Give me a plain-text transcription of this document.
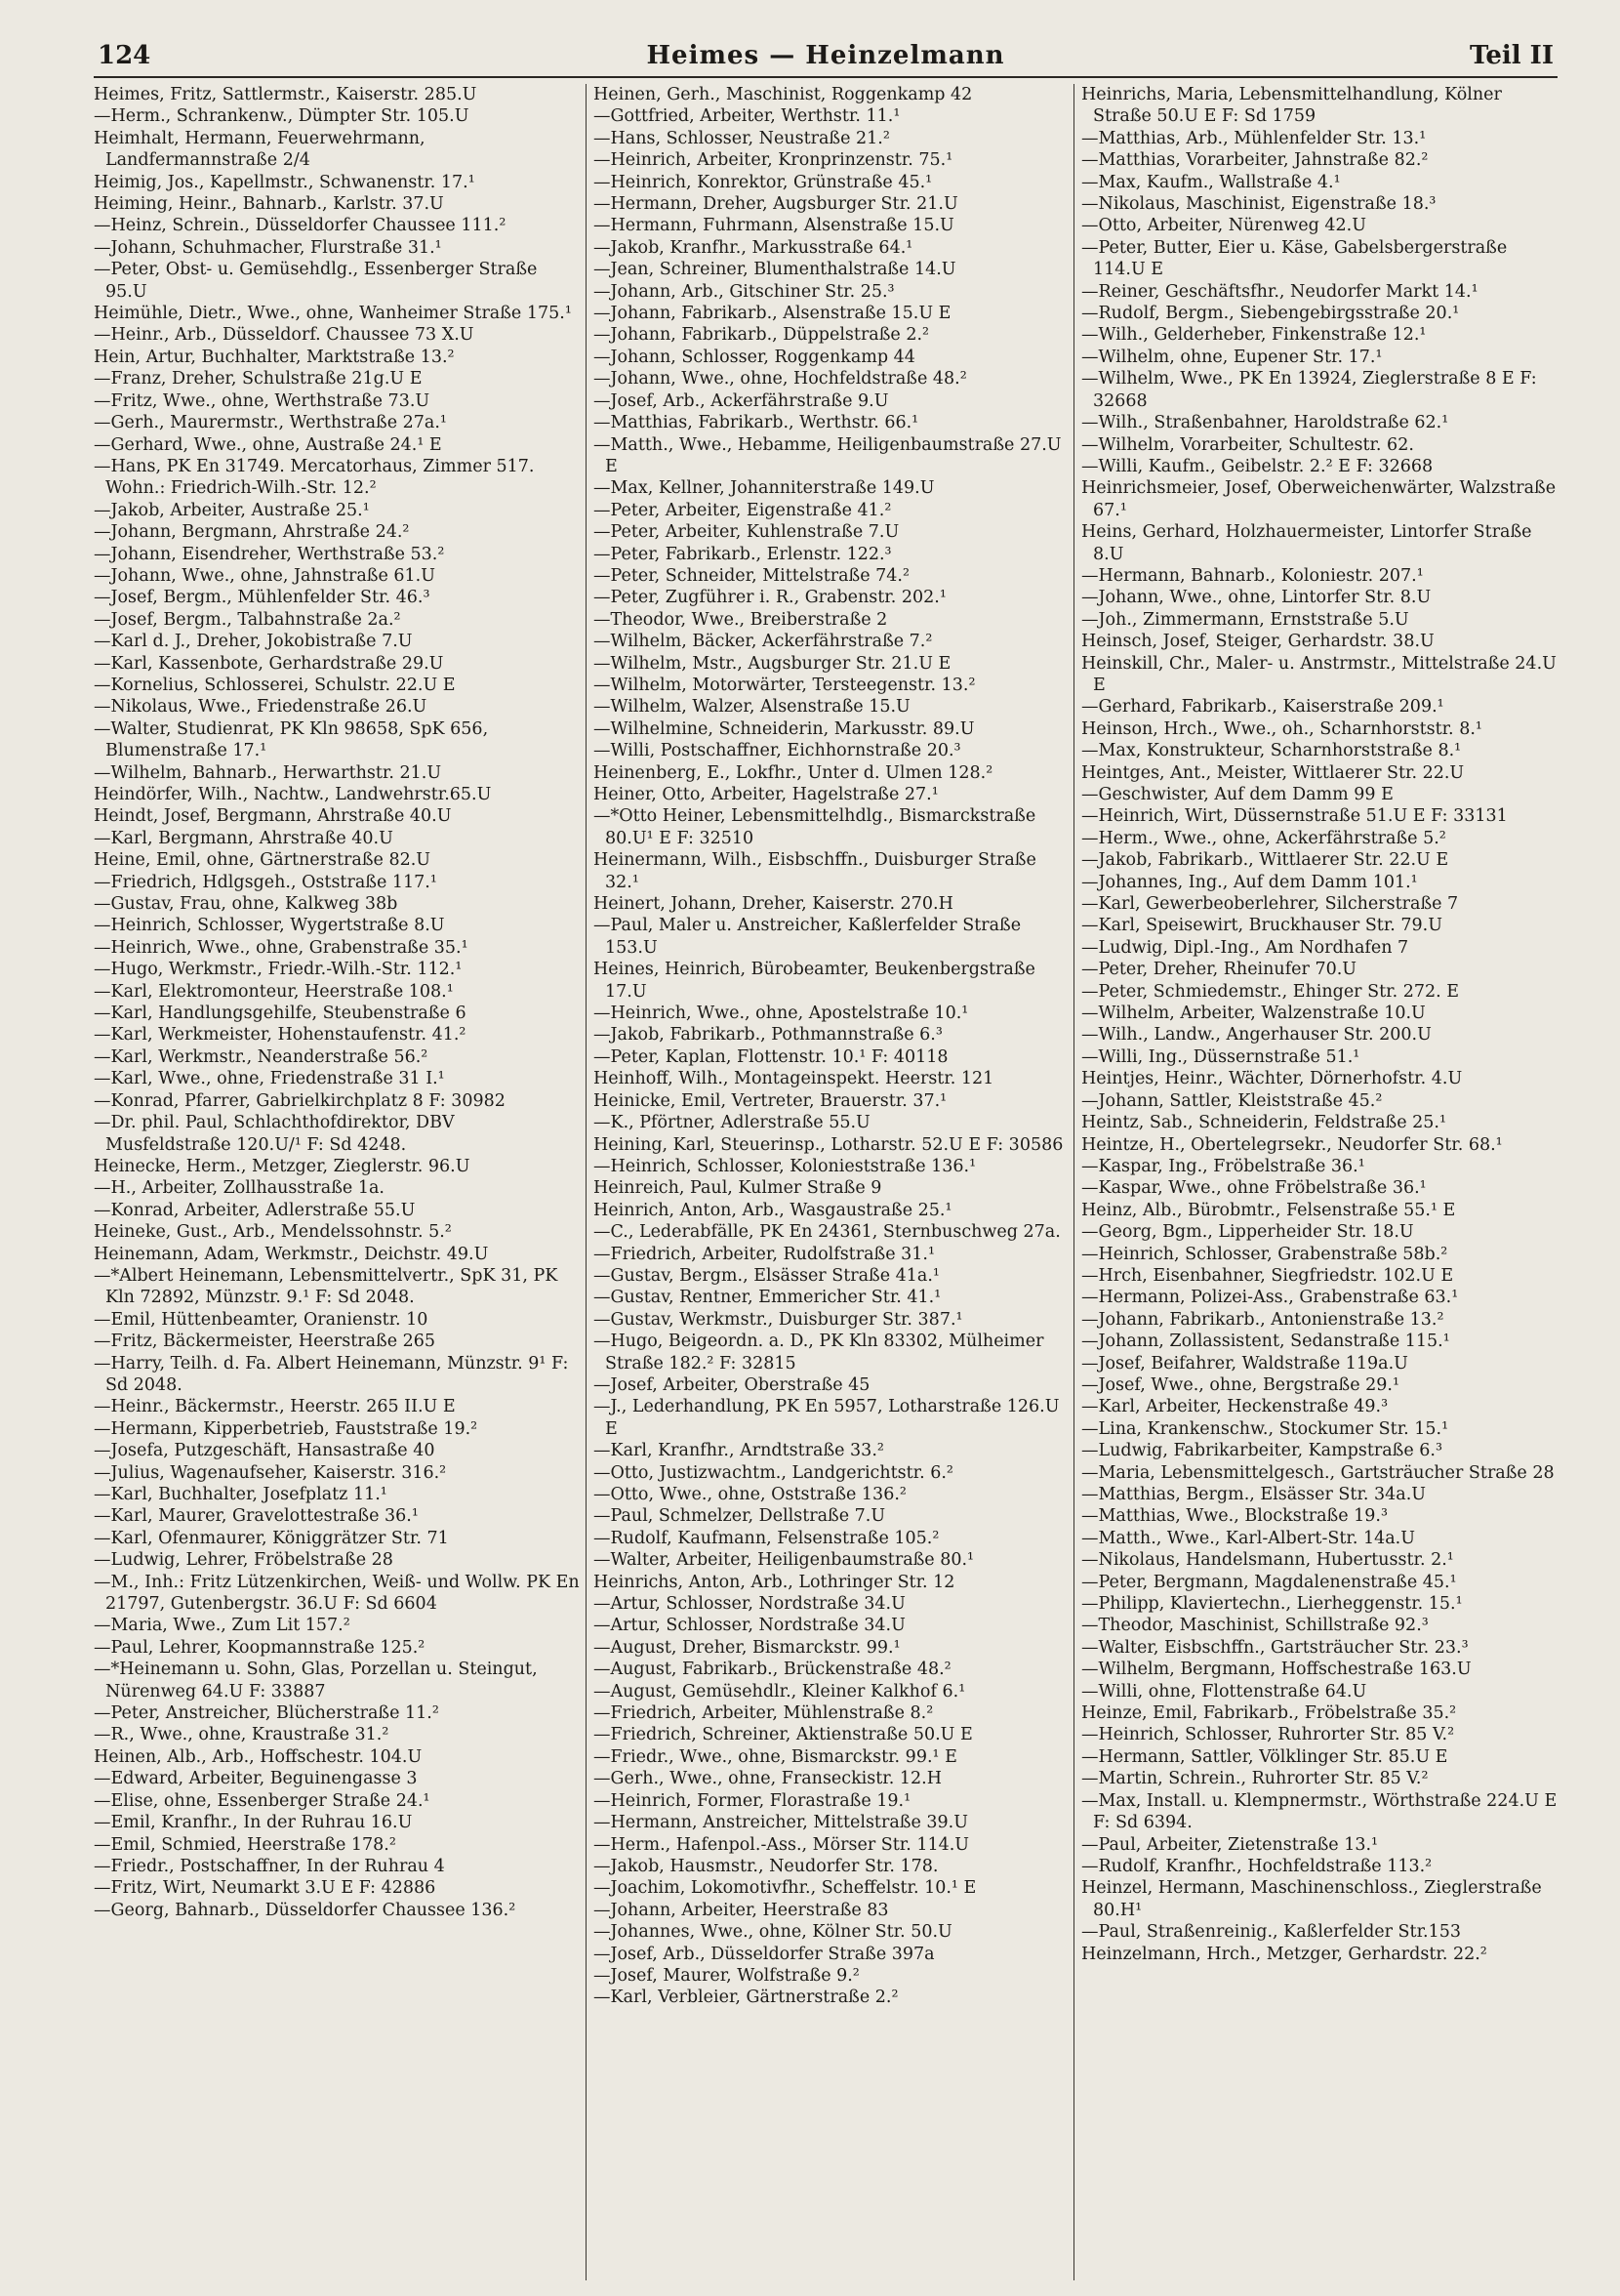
124	Heimes — Heinzelmann	Teil II
Heimes, Fritz, Sattlermstr., Kaiserstr. 285.U
—Herm., Schrankenw., Dümpter Str. 105.U
Heimhalt, Hermann, Feuerwehrmann, Landfermannstraße 2/4
Heimig, Jos., Kapellmstr., Schwanenstr. 17.¹
Heiming, Heinr., Bahnarb., Karlstr. 37.U
—Heinz, Schrein., Düsseldorfer Chaussee 111.²
—Johann, Schuhmacher, Flurstraße 31.¹
—Peter, Obst- u. Gemüsehdlg., Essenberger Straße 95.U
Heimühle, Dietr., Wwe., ohne, Wanheimer Straße 175.¹
—Heinr., Arb., Düsseldorf. Chaussee 73 X.U
Hein, Artur, Buchhalter, Marktstraße 13.²
—Franz, Dreher, Schulstraße 21g.U E
—Fritz, Wwe., ohne, Werthstraße 73.U
—Gerh., Maurermstr., Werthstraße 27a.¹
—Gerhard, Wwe., ohne, Austraße 24.¹ E
—Hans, PK En 31749. Mercatorhaus, Zimmer 517. Wohn.: Friedrich-Wilh.-Str. 12.²
—Jakob, Arbeiter, Austraße 25.¹
—Johann, Bergmann, Ahrstraße 24.²
—Johann, Eisendreher, Werthstraße 53.²
—Johann, Wwe., ohne, Jahnstraße 61.U
—Josef, Bergm., Mühlenfelder Str. 46.³
—Josef, Bergm., Talbahnstraße 2a.²
—Karl d. J., Dreher, Jokobistraße 7.U
—Karl, Kassenbote, Gerhardstraße 29.U
—Kornelius, Schlosserei, Schulstr. 22.U E
—Nikolaus, Wwe., Friedenstraße 26.U
—Walter, Studienrat, PK Kln 98658, SpK 656, Blumenstraße 17.¹
—Wilhelm, Bahnarb., Herwarthstr. 21.U
Heindörfer, Wilh., Nachtw., Landwehrstr.65.U
Heindt, Josef, Bergmann, Ahrstraße 40.U
—Karl, Bergmann, Ahrstraße 40.U
Heine, Emil, ohne, Gärtnerstraße 82.U
—Friedrich, Hdlgsgeh., Oststraße 117.¹
—Gustav, Frau, ohne, Kalkweg 38b
—Heinrich, Schlosser, Wygertstraße 8.U
—Heinrich, Wwe., ohne, Grabenstraße 35.¹
—Hugo, Werkmstr., Friedr.-Wilh.-Str. 112.¹
—Karl, Elektromonteur, Heerstraße 108.¹
—Karl, Handlungsgehilfe, Steubenstraße 6
—Karl, Werkmeister, Hohenstaufenstr. 41.²
—Karl, Werkmstr., Neanderstraße 56.²
—Karl, Wwe., ohne, Friedenstraße 31 I.¹
—Konrad, Pfarrer, Gabrielkirchplatz 8 F: 30982
—Dr. phil. Paul, Schlachthofdirektor, DBV Musfeldstraße 120.U/¹ F: Sd 4248.
Heinecke, Herm., Metzger, Zieglerstr. 96.U
—H., Arbeiter, Zollhausstraße 1a.
—Konrad, Arbeiter, Adlerstraße 55.U
Heineke, Gust., Arb., Mendelssohnstr. 5.²
Heinemann, Adam, Werkmstr., Deichstr. 49.U
—*Albert Heinemann, Lebensmittelvertr., SpK 31, PK Kln 72892, Münzstr. 9.¹ F: Sd 2048.
—Emil, Hüttenbeamter, Oranienstr. 10
—Fritz, Bäckermeister, Heerstraße 265
—Harry, Teilh. d. Fa. Albert Heinemann, Münzstr. 9¹ F: Sd 2048.
—Heinr., Bäckermstr., Heerstr. 265 II.U E
—Hermann, Kipperbetrieb, Fauststraße 19.²
—Josefa, Putzgeschäft, Hansastraße 40
—Julius, Wagenaufseher, Kaiserstr. 316.²
—Karl, Buchhalter, Josefplatz 11.¹
—Karl, Maurer, Gravelottestraße 36.¹
—Karl, Ofenmaurer, Königgrätzer Str. 71
—Ludwig, Lehrer, Fröbelstraße 28
—M., Inh.: Fritz Lützenkirchen, Weiß- und Wollw. PK En 21797, Gutenbergstr. 36.U F: Sd 6604
—Maria, Wwe., Zum Lit 157.²
—Paul, Lehrer, Koopmannstraße 125.²
—*Heinemann u. Sohn, Glas, Porzellan u. Steingut, Nürenweg 64.U F: 33887
—Peter, Anstreicher, Blücherstraße 11.²
—R., Wwe., ohne, Kraustraße 31.²
Heinen, Alb., Arb., Hoffschestr. 104.U
—Edward, Arbeiter, Beguinengasse 3
—Elise, ohne, Essenberger Straße 24.¹
—Emil, Kranfhr., In der Ruhrau 16.U
—Emil, Schmied, Heerstraße 178.²
—Friedr., Postschaffner, In der Ruhrau 4
—Fritz, Wirt, Neumarkt 3.U E F: 42886
—Georg, Bahnarb., Düsseldorfer Chaussee 136.²
Heinen, Gerh., Maschinist, Roggenkamp 42
—Gottfried, Arbeiter, Werthstr. 11.¹
—Hans, Schlosser, Neustraße 21.²
—Heinrich, Arbeiter, Kronprinzenstr. 75.¹
—Heinrich, Konrektor, Grünstraße 45.¹
—Hermann, Dreher, Augsburger Str. 21.U
—Hermann, Fuhrmann, Alsenstraße 15.U
—Jakob, Kranfhr., Markusstraße 64.¹
—Jean, Schreiner, Blumenthalstraße 14.U
—Johann, Arb., Gitschiner Str. 25.³
—Johann, Fabrikarb., Alsenstraße 15.U E
—Johann, Fabrikarb., Düppelstraße 2.²
—Johann, Schlosser, Roggenkamp 44
—Johann, Wwe., ohne, Hochfeldstraße 48.²
—Josef, Arb., Ackerfährstraße 9.U
—Matthias, Fabrikarb., Werthstr. 66.¹
—Matth., Wwe., Hebamme, Heiligenbaumstraße 27.U E
—Max, Kellner, Johanniterstraße 149.U
—Peter, Arbeiter, Eigenstraße 41.²
—Peter, Arbeiter, Kuhlenstraße 7.U
—Peter, Fabrikarb., Erlenstr. 122.³
—Peter, Schneider, Mittelstraße 74.²
—Peter, Zugführer i. R., Grabenstr. 202.¹
—Theodor, Wwe., Breiberstraße 2
—Wilhelm, Bäcker, Ackerfährstraße 7.²
—Wilhelm, Mstr., Augsburger Str. 21.U E
—Wilhelm, Motorwärter, Tersteegenstr. 13.²
—Wilhelm, Walzer, Alsenstraße 15.U
—Wilhelmine, Schneiderin, Markusstr. 89.U
—Willi, Postschaffner, Eichhornstraße 20.³
Heinenberg, E., Lokfhr., Unter d. Ulmen 128.²
Heiner, Otto, Arbeiter, Hagelstraße 27.¹
—*Otto Heiner, Lebensmittelhdlg., Bismarckstraße 80.U¹ E F: 32510
Heinermann, Wilh., Eisbschffn., Duisburger Straße 32.¹
Heinert, Johann, Dreher, Kaiserstr. 270.H
—Paul, Maler u. Anstreicher, Kaßlerfelder Straße 153.U
Heines, Heinrich, Bürobeamter, Beukenbergstraße 17.U
—Heinrich, Wwe., ohne, Apostelstraße 10.¹
—Jakob, Fabrikarb., Pothmannstraße 6.³
—Peter, Kaplan, Flottenstr. 10.¹ F: 40118
Heinhoff, Wilh., Montageinspekt. Heerstr. 121
Heinicke, Emil, Vertreter, Brauerstr. 37.¹
—K., Pförtner, Adlerstraße 55.U
Heining, Karl, Steuerinsp., Lotharstr. 52.U E F: 30586
—Heinrich, Schlosser, Kolonieststraße 136.¹
Heinreich, Paul, Kulmer Straße 9
Heinrich, Anton, Arb., Wasgaustraße 25.¹
—C., Lederabfälle, PK En 24361, Sternbuschweg 27a.
—Friedrich, Arbeiter, Rudolfstraße 31.¹
—Gustav, Bergm., Elsässer Straße 41a.¹
—Gustav, Rentner, Emmericher Str. 41.¹
—Gustav, Werkmstr., Duisburger Str. 387.¹
—Hugo, Beigeordn. a. D., PK Kln 83302, Mülheimer Straße 182.² F: 32815
—Josef, Arbeiter, Oberstraße 45
—J., Lederhandlung, PK En 5957, Lotharstraße 126.U E
—Karl, Kranfhr., Arndtstraße 33.²
—Otto, Justizwachtm., Landgerichtstr. 6.²
—Otto, Wwe., ohne, Oststraße 136.²
—Paul, Schmelzer, Dellstraße 7.U
—Rudolf, Kaufmann, Felsenstraße 105.²
—Walter, Arbeiter, Heiligenbaumstraße 80.¹
Heinrichs, Anton, Arb., Lothringer Str. 12
—Artur, Schlosser, Nordstraße 34.U
—Artur, Schlosser, Nordstraße 34.U
—August, Dreher, Bismarckstr. 99.¹
—August, Fabrikarb., Brückenstraße 48.²
—August, Gemüsehdlr., Kleiner Kalkhof 6.¹
—Friedrich, Arbeiter, Mühlenstraße 8.²
—Friedrich, Schreiner, Aktienstraße 50.U E
—Friedr., Wwe., ohne, Bismarckstr. 99.¹ E
—Gerh., Wwe., ohne, Franseckistr. 12.H
—Heinrich, Former, Florastraße 19.¹
—Hermann, Anstreicher, Mittelstraße 39.U
—Herm., Hafenpol.-Ass., Mörser Str. 114.U
—Jakob, Hausmstr., Neudorfer Str. 178.
—Joachim, Lokomotivfhr., Scheffelstr. 10.¹ E
—Johann, Arbeiter, Heerstraße 83
—Johannes, Wwe., ohne, Kölner Str. 50.U
—Josef, Arb., Düsseldorfer Straße 397a
—Josef, Maurer, Wolfstraße 9.²
—Karl, Verbleier, Gärtnerstraße 2.²
Heinrichs, Maria, Lebensmittelhandlung, Kölner Straße 50.U E F: Sd 1759
—Matthias, Arb., Mühlenfelder Str. 13.¹
—Matthias, Vorarbeiter, Jahnstraße 82.²
—Max, Kaufm., Wallstraße 4.¹
—Nikolaus, Maschinist, Eigenstraße 18.³
—Otto, Arbeiter, Nürenweg 42.U
—Peter, Butter, Eier u. Käse, Gabelsbergerstraße 114.U E
—Reiner, Geschäftsfhr., Neudorfer Markt 14.¹
—Rudolf, Bergm., Siebengebirgsstraße 20.¹
—Wilh., Gelderheber, Finkenstraße 12.¹
—Wilhelm, ohne, Eupener Str. 17.¹
—Wilhelm, Wwe., PK En 13924, Zieglerstraße 8 E F: 32668
—Wilh., Straßenbahner, Haroldstraße 62.¹
—Wilhelm, Vorarbeiter, Schultestr. 62.
—Willi, Kaufm., Geibelstr. 2.² E F: 32668
Heinrichsmeier, Josef, Oberweichenwärter, Walzstraße 67.¹
Heins, Gerhard, Holzhauermeister, Lintorfer Straße 8.U
—Hermann, Bahnarb., Koloniestr. 207.¹
—Johann, Wwe., ohne, Lintorfer Str. 8.U
—Joh., Zimmermann, Ernststraße 5.U
Heinsch, Josef, Steiger, Gerhardstr. 38.U
Heinskill, Chr., Maler- u. Anstrmstr., Mittelstraße 24.U E
—Gerhard, Fabrikarb., Kaiserstraße 209.¹
Heinson, Hrch., Wwe., oh., Scharnhorststr. 8.¹
—Max, Konstrukteur, Scharnhorststraße 8.¹
Heintges, Ant., Meister, Wittlaerer Str. 22.U
—Geschwister, Auf dem Damm 99 E
—Heinrich, Wirt, Düssernstraße 51.U E F: 33131
—Herm., Wwe., ohne, Ackerfährstraße 5.²
—Jakob, Fabrikarb., Wittlaerer Str. 22.U E
—Johannes, Ing., Auf dem Damm 101.¹
—Karl, Gewerbeoberlehrer, Silcherstraße 7
—Karl, Speisewirt, Bruckhauser Str. 79.U
—Ludwig, Dipl.-Ing., Am Nordhafen 7
—Peter, Dreher, Rheinufer 70.U
—Peter, Schmiedemstr., Ehinger Str. 272. E
—Wilhelm, Arbeiter, Walzenstraße 10.U
—Wilh., Landw., Angerhauser Str. 200.U
—Willi, Ing., Düssernstraße 51.¹
Heintjes, Heinr., Wächter, Dörnerhofstr. 4.U
—Johann, Sattler, Kleiststraße 45.²
Heintz, Sab., Schneiderin, Feldstraße 25.¹
Heintze, H., Obertelegrsekr., Neudorfer Str. 68.¹
—Kaspar, Ing., Fröbelstraße 36.¹
—Kaspar, Wwe., ohne Fröbelstraße 36.¹
Heinz, Alb., Bürobmtr., Felsenstraße 55.¹ E
—Georg, Bgm., Lipperheider Str. 18.U
—Heinrich, Schlosser, Grabenstraße 58b.²
—Hrch, Eisenbahner, Siegfriedstr. 102.U E
—Hermann, Polizei-Ass., Grabenstraße 63.¹
—Johann, Fabrikarb., Antonienstraße 13.²
—Johann, Zollassistent, Sedanstraße 115.¹
—Josef, Beifahrer, Waldstraße 119a.U
—Josef, Wwe., ohne, Bergstraße 29.¹
—Karl, Arbeiter, Heckenstraße 49.³
—Lina, Krankenschw., Stockumer Str. 15.¹
—Ludwig, Fabrikarbeiter, Kampstraße 6.³
—Maria, Lebensmittelgesch., Gartsträucher Straße 28
—Matthias, Bergm., Elsässer Str. 34a.U
—Matthias, Wwe., Blockstraße 19.³
—Matth., Wwe., Karl-Albert-Str. 14a.U
—Nikolaus, Handelsmann, Hubertusstr. 2.¹
—Peter, Bergmann, Magdalenenstraße 45.¹
—Philipp, Klaviertechn., Lierheggenstr. 15.¹
—Theodor, Maschinist, Schillstraße 92.³
—Walter, Eisbschffn., Gartsträucher Str. 23.³
—Wilhelm, Bergmann, Hoffschestraße 163.U
—Willi, ohne, Flottenstraße 64.U
Heinze, Emil, Fabrikarb., Fröbelstraße 35.²
—Heinrich, Schlosser, Ruhrorter Str. 85 V.²
—Hermann, Sattler, Völklinger Str. 85.U E
—Martin, Schrein., Ruhrorter Str. 85 V.²
—Max, Install. u. Klempnermstr., Wörthstraße 224.U E F: Sd 6394.
—Paul, Arbeiter, Zietenstraße 13.¹
—Rudolf, Kranfhr., Hochfeldstraße 113.²
Heinzel, Hermann, Maschinenschloss., Zieglerstraße 80.H¹
—Paul, Straßenreinig., Kaßlerfelder Str.153
Heinzelmann, Hrch., Metzger, Gerhardstr. 22.²
